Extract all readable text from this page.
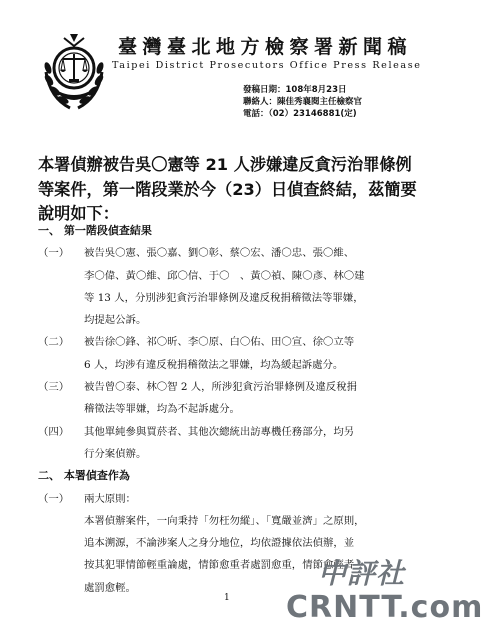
臺灣臺北地方檢察署新聞稿
Taipei District Prosecutors Office Press Release
發稿日期：108年8月23日
聯絡人：陳佳秀襄閱主任檢察官
電話：（02）23146881(定)
本署偵辦被告吳〇憲等 21 人涉嫌違反貪污治罪條例
等案件，第一階段業於今（23）日偵查終結，茲簡要
說明如下：
一、 第一階段偵查結果
（一）	被告吳〇憲、張〇嘉、劉〇彰、蔡〇宏、潘〇忠、張〇維、
李〇偉、黃〇維、邱〇信、于〇　、黃〇禎、陳〇彥、林〇建
等 13 人，分別涉犯貪污治罪條例及違反稅捐稽徵法等罪嫌，
均提起公訴。
（二）	被告徐〇鋒、祁〇昕、李〇原、白〇佑、田〇宣、徐〇立等
6 人，均涉有違反稅捐稽徵法之罪嫌，均為緩起訴處分。
（三）	被告曾〇泰、林〇智 2 人，所涉犯貪污治罪條例及違反稅捐
稽徵法等罪嫌，均為不起訴處分。
（四）	其他單純參與買菸者、其他次總統出訪專機任務部分，均另
行分案偵辦。
二、 本署偵查作為
（一）	兩大原則：
本署偵辦案件，一向秉持「勿枉勿縱」、「寬嚴並濟」之原則，
追本溯源，不論涉案人之身分地位，均依證據依法偵辦，並
按其犯罪情節輕重論處，情節愈重者處罰愈重，情節愈輕者
處罰愈輕。
1
中評社
CRNTT.com
